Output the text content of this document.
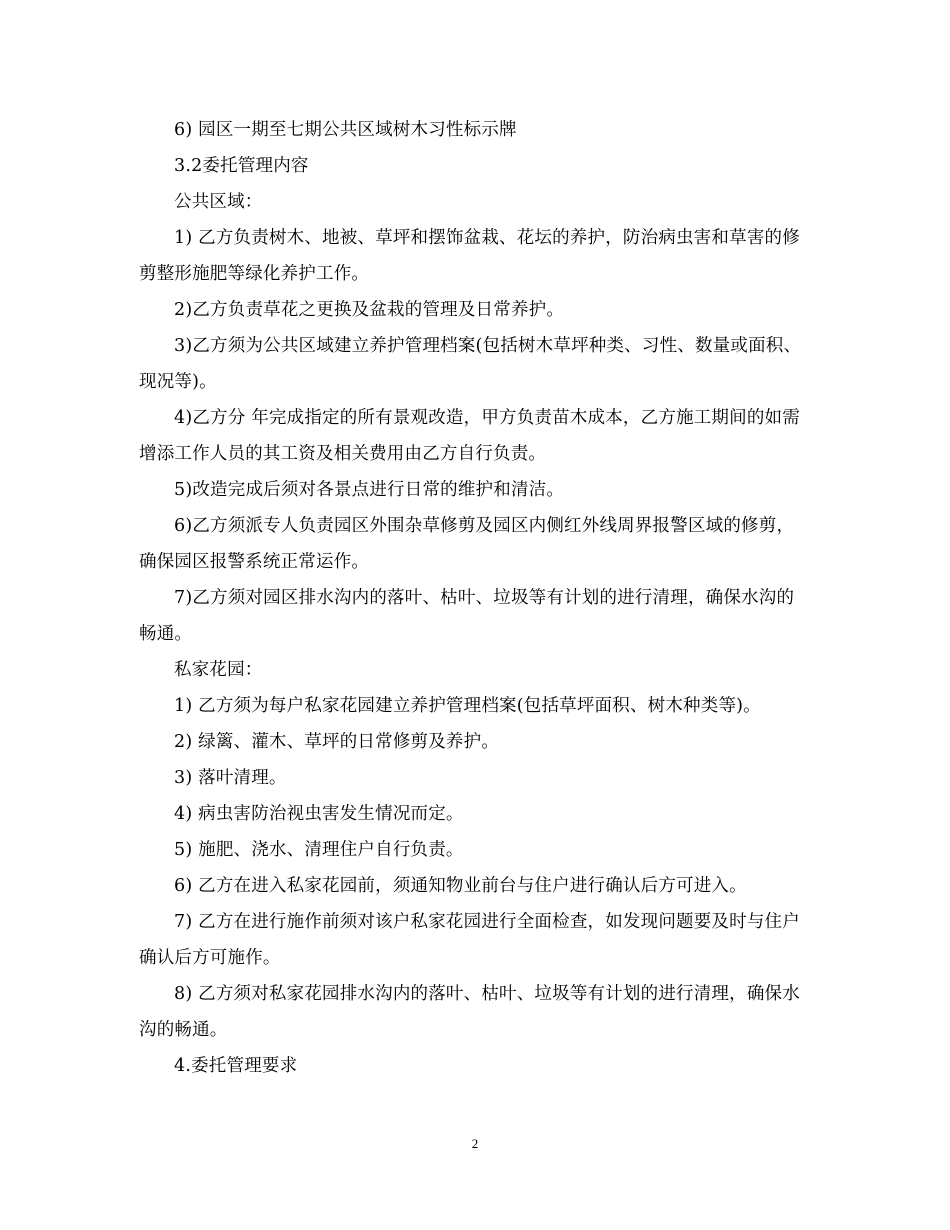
6) 园区一期至七期公共区域树木习性标示牌

3.2委托管理内容

公共区域：

1) 乙方负责树木、地被、草坪和摆饰盆栽、花坛的养护，防治病虫害和草害的修剪整形施肥等绿化养护工作。

2)乙方负责草花之更换及盆栽的管理及日常养护。

3)乙方须为公共区域建立养护管理档案(包括树木草坪种类、习性、数量或面积、现况等)。

4)乙方分 年完成指定的所有景观改造，甲方负责苗木成本，乙方施工期间的如需增添工作人员的其工资及相关费用由乙方自行负责。

5)改造完成后须对各景点进行日常的维护和清洁。

6)乙方须派专人负责园区外围杂草修剪及园区内侧红外线周界报警区域的修剪，确保园区报警系统正常运作。

7)乙方须对园区排水沟内的落叶、枯叶、垃圾等有计划的进行清理，确保水沟的畅通。

私家花园：

1) 乙方须为每户私家花园建立养护管理档案(包括草坪面积、树木种类等)。

2) 绿篱、灌木、草坪的日常修剪及养护。

3) 落叶清理。

4) 病虫害防治视虫害发生情况而定。

5) 施肥、浇水、清理住户自行负责。

6) 乙方在进入私家花园前，须通知物业前台与住户进行确认后方可进入。

7) 乙方在进行施作前须对该户私家花园进行全面检查，如发现问题要及时与住户确认后方可施作。

8) 乙方须对私家花园排水沟内的落叶、枯叶、垃圾等有计划的进行清理，确保水沟的畅通。

4.委托管理要求

2
